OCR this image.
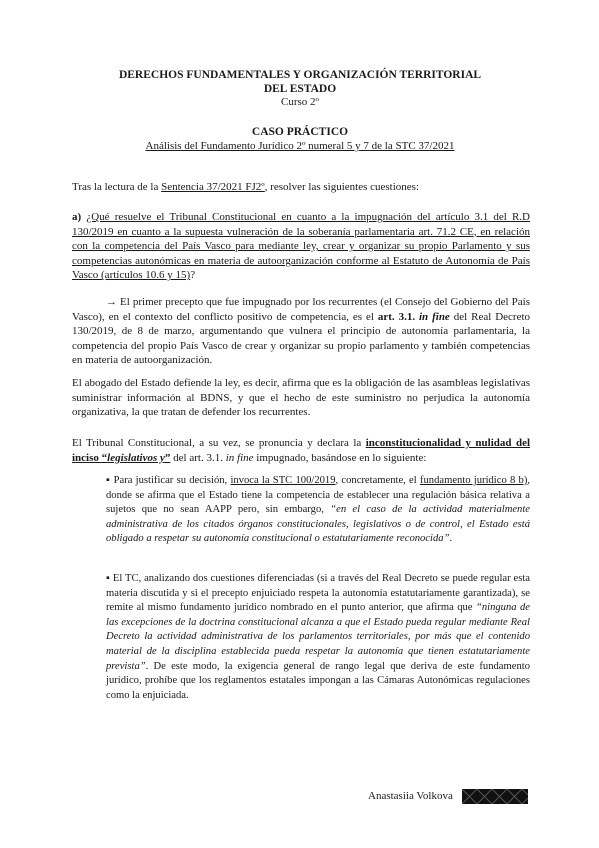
DERECHOS FUNDAMENTALES Y ORGANIZACIÓN TERRITORIAL
DEL ESTADO
Curso 2º
CASO PRÁCTICO
Análisis del Fundamento Jurídico 2º numeral 5 y 7 de la STC 37/2021
Tras la lectura de la Sentencia 37/2021 FJ2º, resolver las siguientes cuestiones:
a) ¿Qué resuelve el Tribunal Constitucional en cuanto a la impugnación del artículo 3.1 del R.D 130/2019 en cuanto a la supuesta vulneración de la soberanía parlamentaria art. 71.2 CE, en relación con la competencia del País Vasco para mediante ley, crear y organizar su propio Parlamento y sus competencias autonómicas en materia de autoorganización conforme al Estatuto de Autonomía de País Vasco (artículos 10.6 y 15)?
→ El primer precepto que fue impugnado por los recurrentes (el Consejo del Gobierno del País Vasco), en el contexto del conflicto positivo de competencia, es el art. 3.1. in fine del Real Decreto 130/2019, de 8 de marzo, argumentando que vulnera el principio de autonomía parlamentaria, la competencia del propio País Vasco de crear y organizar su propio parlamento y también competencias en materia de autoorganización.
El abogado del Estado defiende la ley, es decir, afirma que es la obligación de las asambleas legislativas suministrar información al BDNS, y que el hecho de este suministro no perjudica la autonomía organizativa, la que tratan de defender los recurrentes.
El Tribunal Constitucional, a su vez, se pronuncia y declara la inconstitucionalidad y nulidad del inciso “legislativos y” del art. 3.1. in fine impugnado, basándose en lo siguiente:
▪ Para justificar su decisión, invoca la STC 100/2019, concretamente, el fundamento jurídico 8 b), donde se afirma que el Estado tiene la competencia de establecer una regulación básica relativa a sujetos que no sean AAPP pero, sin embargo, “en el caso de la actividad materialmente administrativa de los citados órganos constitucionales, legislativos o de control, el Estado está obligado a respetar su autonomía constitucional o estatutariamente reconocida”.
▪ El TC, analizando dos cuestiones diferenciadas (si a través del Real Decreto se puede regular esta materia discutida y si el precepto enjuiciado respeta la autonomía estatutariamente garantizada), se remite al mismo fundamento jurídico nombrado en el punto anterior, que afirma que “ninguna de las excepciones de la doctrina constitucional alcanza a que el Estado pueda regular mediante Real Decreto la actividad administrativa de los parlamentos territoriales, por más que el contenido material de la disciplina establecida pueda respetar la autonomía que tienen estatutariamente prevista”. De este modo, la exigencia general de rango legal que deriva de este fundamento jurídico, prohíbe que los reglamentos estatales impongan a las Cámaras Autonómicas regulaciones como la enjuiciada.
Anastasiia Volkova
